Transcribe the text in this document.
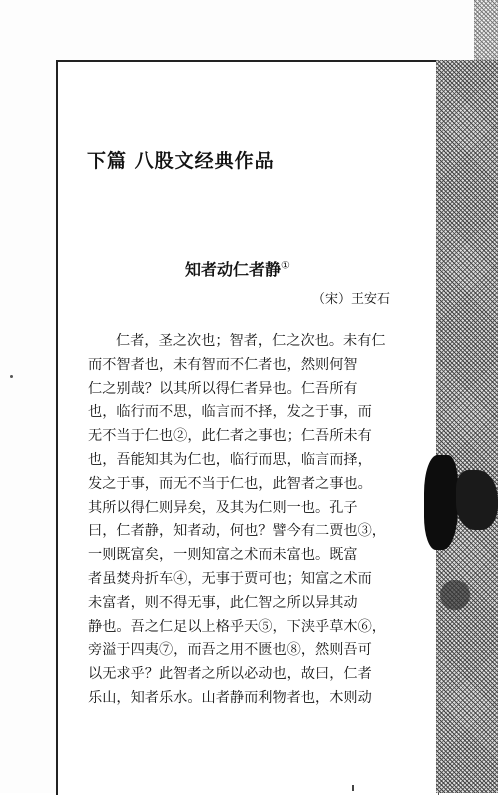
下篇 八股文经典作品
知者动仁者静①
（宋）王安石
仁者，圣之次也；智者，仁之次也。未有仁
而不智者也，未有智而不仁者也，然则何智
仁之别哉？以其所以得仁者异也。仁吾所有
也，临行而不思，临言而不择，发之于事，而
无不当于仁也②，此仁者之事也；仁吾所未有
也，吾能知其为仁也，临行而思，临言而择，
发之于事，而无不当于仁也，此智者之事也。
其所以得仁则异矣，及其为仁则一也。孔子
曰，仁者静，知者动，何也？譬今有二贾也③，
一则既富矣，一则知富之术而未富也。既富
者虽焚舟折车④，无事于贾可也；知富之术而
未富者，则不得无事，此仁智之所以异其动
静也。吾之仁足以上格乎天⑤，下浃乎草木⑥，
旁溢于四夷⑦，而吾之用不匮也⑧，然则吾可
以无求乎？此智者之所以必动也，故曰，仁者
乐山，知者乐水。山者静而利物者也，木则动
